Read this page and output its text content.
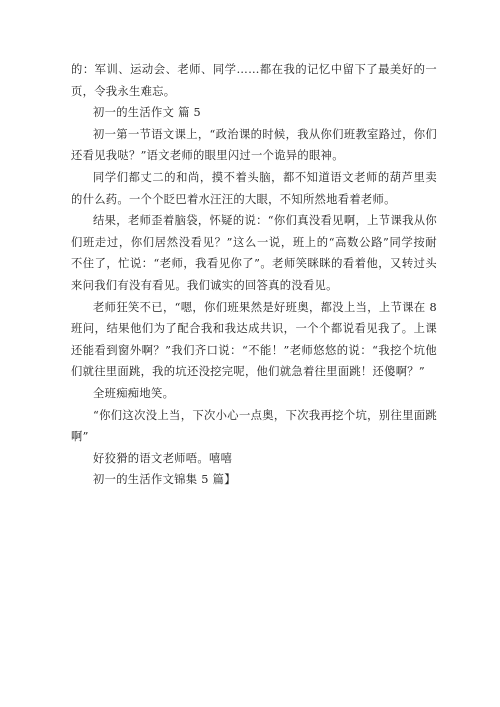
的：军训、运动会、老师、同学……都在我的记忆中留下了最美好的一页，令我永生难忘。

初一的生活作文 篇 5

初一第一节语文课上，“政治课的时候，我从你们班教室路过，你们还看见我哒？”语文老师的眼里闪过一个诡异的眼神。

同学们都丈二的和尚，摸不着头脑，都不知道语文老师的葫芦里卖的什么药。一个个眨巴着水汪汪的大眼，不知所然地看着老师。

结果，老师歪着脑袋，怀疑的说：“你们真没看见啊，上节课我从你们班走过，你们居然没看见？”这么一说，班上的“高数公路”同学按耐不住了，忙说：“老师，我看见你了”。老师笑眯眯的看着他，又转过头来问我们有没有看见。我们诚实的回答真的没看见。

老师狂笑不已，“嗯，你们班果然是好班奥，都没上当，上节课在 8 班问，结果他们为了配合我和我达成共识，一个个都说看见我了。上课还能看到窗外啊？”我们齐口说：“不能！”老师悠悠的说：“我挖个坑他们就往里面跳，我的坑还没挖完呢，他们就急着往里面跳！还傻啊？”

全班痴痴地笑。

“你们这次没上当，下次小心一点奥，下次我再挖个坑，别往里面跳啊”

好狡猾的语文老师唔。嘻嘻

初一的生活作文锦集 5 篇】
